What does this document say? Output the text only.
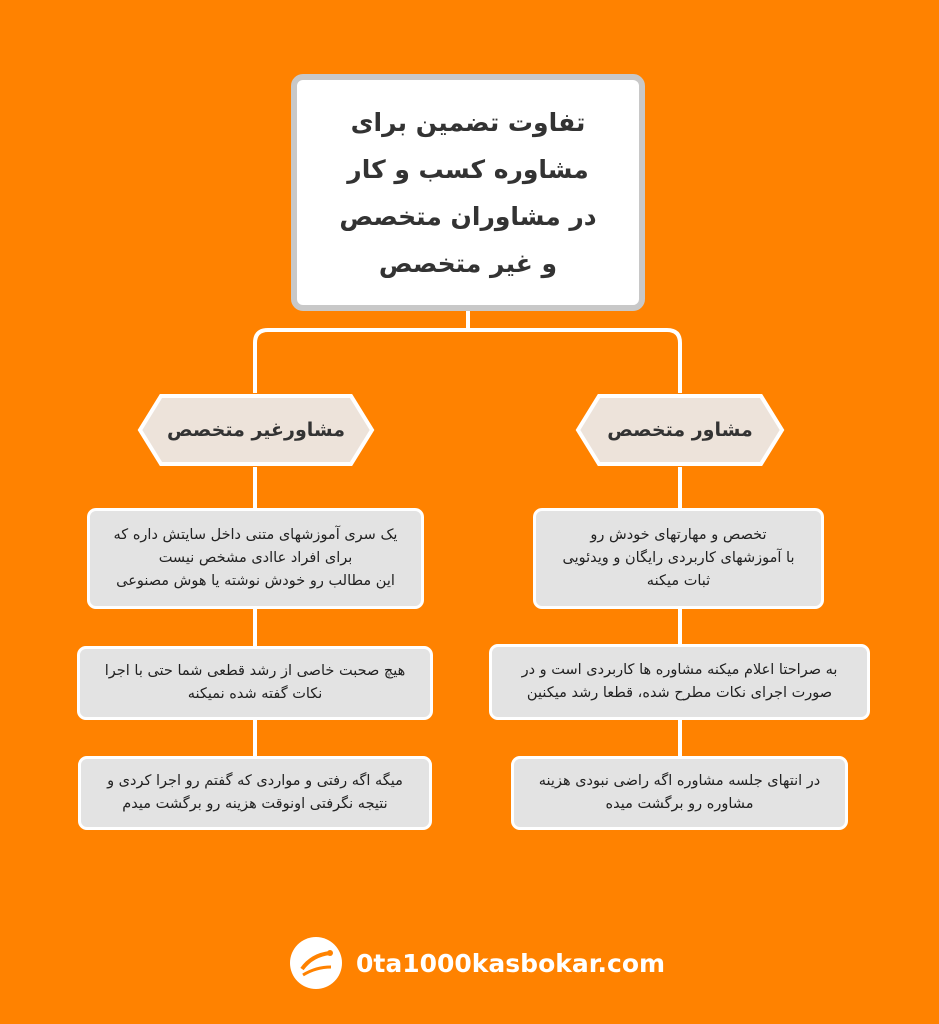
تفاوت تضمین برای
مشاوره کسب و کار
در مشاوران متخصص
و غیر متخصص
مشاورغیر متخصص	مشاور متخصص
یک سری آموزشهای متنی داخل سایتش داره که
برای افراد عاادی مشخص نیست
این مطالب رو خودش نوشته یا هوش مصنوعی
هیچ صحبت خاصی از رشد قطعی شما حتی با اجرا
نکات گفته شده نمیکنه
میگه اگه رفتی و مواردی که گفتم رو اجرا کردی و
نتیجه نگرفتی اونوقت هزینه رو برگشت میدم
تخصص و مهارتهای خودش رو
با آموزشهای کاربردی رایگان و ویدئویی
ثبات میکنه
به صراحتا اعلام میکنه مشاوره ها کاربردی است و در
صورت اجرای نکات مطرح شده، قطعا رشد میکنین
در انتهای جلسه مشاوره اگه راضی نبودی هزینه
مشاوره رو برگشت میده
0ta1000kasbokar.com
